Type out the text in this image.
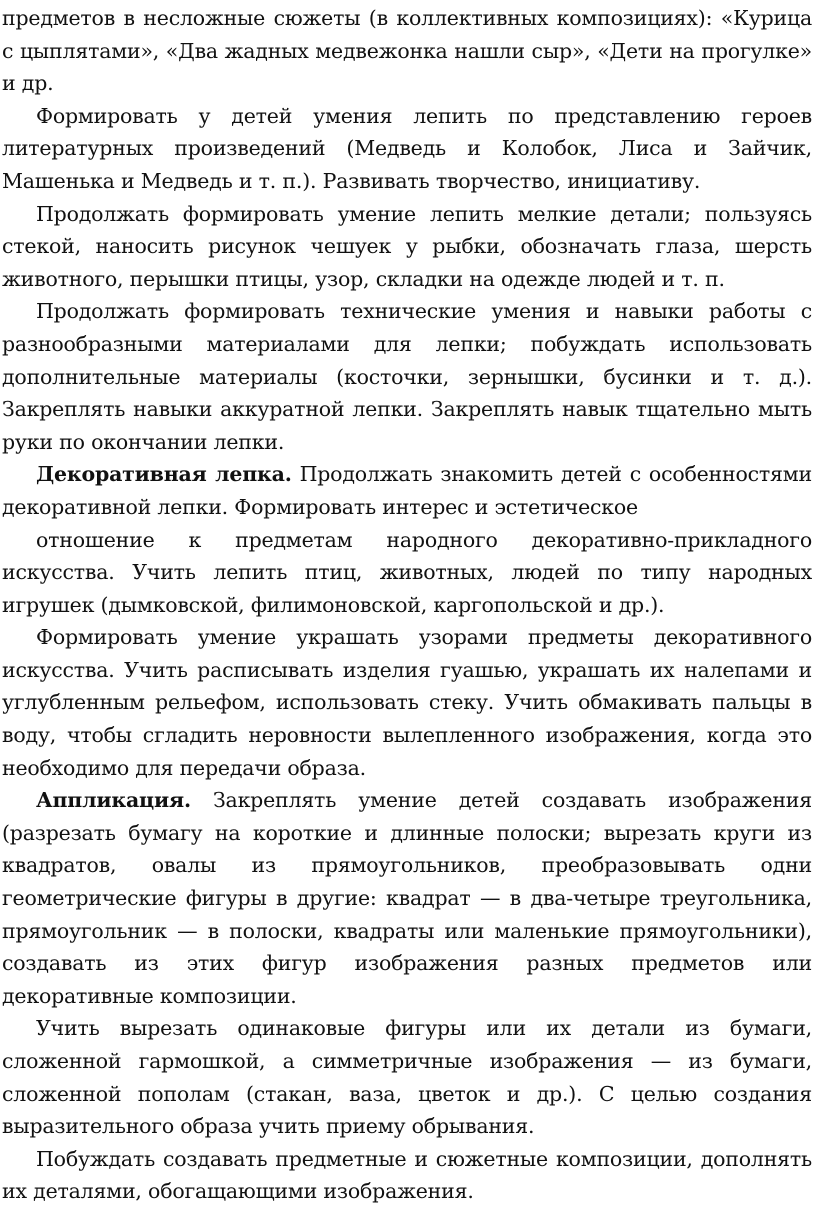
предметов в несложные сюжеты (в коллективных композициях): «Курица с цыплятами», «Два жадных медвежонка нашли сыр», «Дети на прогулке» и др.

Формировать у детей умения лепить по представлению героев литературных произведений (Медведь и Колобок, Лиса и Зайчик, Машенька и Медведь и т. п.). Развивать творчество, инициативу.

Продолжать формировать умение лепить мелкие детали; пользуясь стекой, наносить рисунок чешуек у рыбки, обозначать глаза, шерсть животного, перышки птицы, узор, складки на одежде людей и т. п.

Продолжать формировать технические умения и навыки работы с разнообразными материалами для лепки; побуждать использовать дополнительные материалы (косточки, зернышки, бусинки и т. д.). Закреплять навыки аккуратной лепки. Закреплять навык тщательно мыть руки по окончании лепки.

Декоративная лепка. Продолжать знакомить детей с особенностями декоративной лепки. Формировать интерес и эстетическое

отношение к предметам народного декоративно-прикладного искусства. Учить лепить птиц, животных, людей по типу народных игрушек (дымковской, филимоновской, каргопольской и др.).

Формировать умение украшать узорами предметы декоративного искусства. Учить расписывать изделия гуашью, украшать их налепами и углубленным рельефом, использовать стеку. Учить обмакивать пальцы в воду, чтобы сгладить неровности вылепленного изображения, когда это необходимо для передачи образа.

Аппликация. Закреплять умение детей создавать изображения (разрезать бумагу на короткие и длинные полоски; вырезать круги из квадратов, овалы из прямоугольников, преобразовывать одни геометрические фигуры в другие: квадрат — в два-четыре треугольника, прямоугольник — в полоски, квадраты или маленькие прямоугольники), создавать из этих фигур изображения разных предметов или декоративные композиции.

Учить вырезать одинаковые фигуры или их детали из бумаги, сложенной гармошкой, а симметричные изображения — из бумаги, сложенной пополам (стакан, ваза, цветок и др.). С целью создания выразительного образа учить приему обрывания.

Побуждать создавать предметные и сюжетные композиции, дополнять их деталями, обогащающими изображения.
